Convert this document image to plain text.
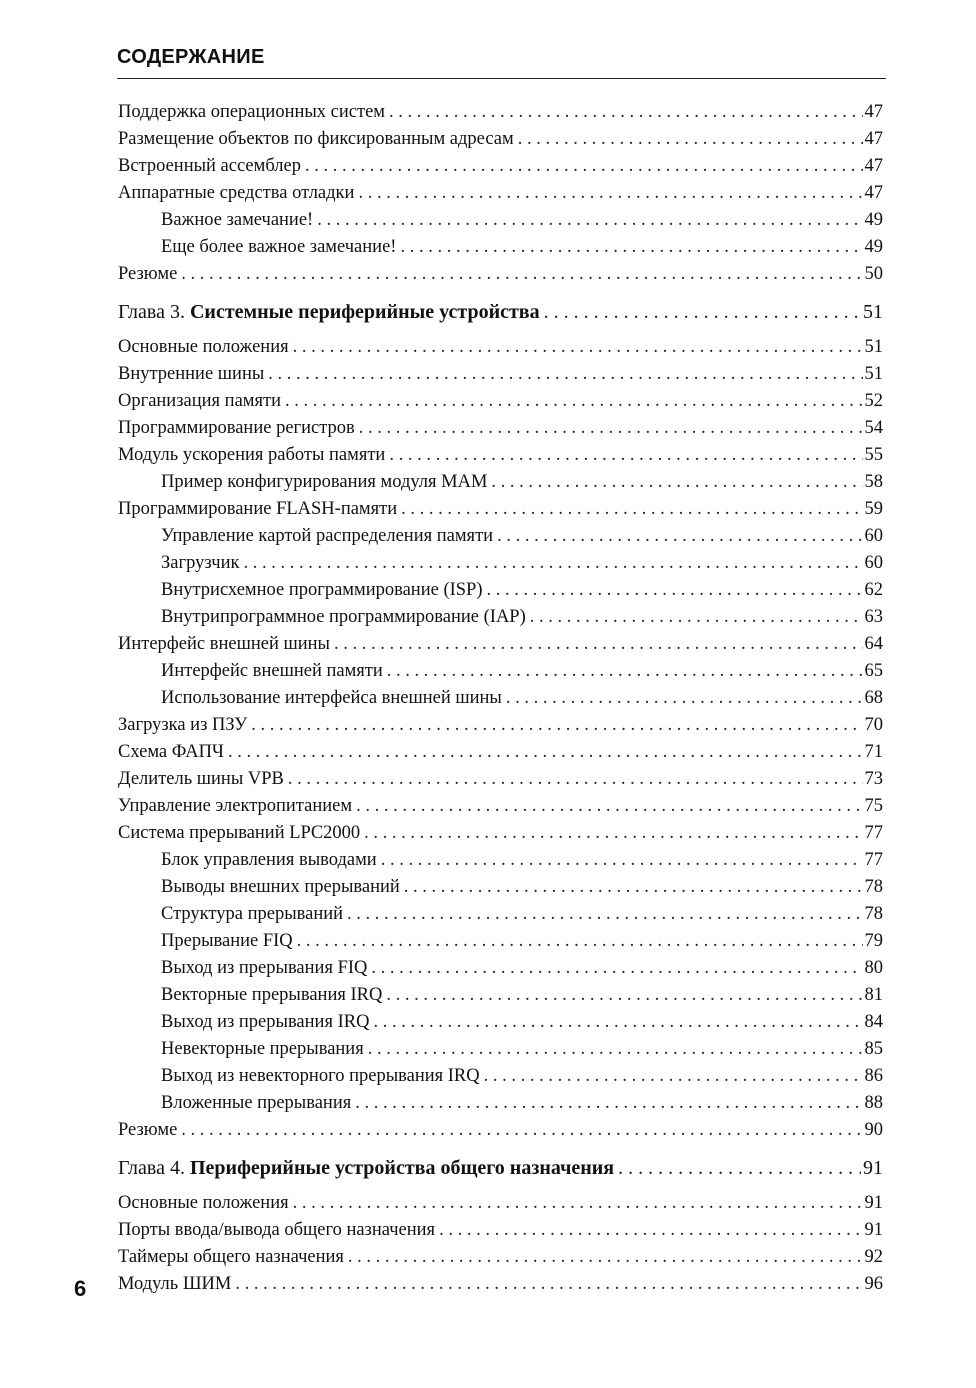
СОДЕРЖАНИЕ
Поддержка операционных систем . . .	47
Размещение объектов по фиксированным адресам . . .	47
Встроенный ассемблер . . .	47
Аппаратные средства отладки . . .	47
Важное замечание! . . .	49
Еще более важное замечание! . . .	49
Резюме . . .	50
Глава 3. Системные периферийные устройства . . .	51
Основные положения . . .	51
Внутренние шины . . .	51
Организация памяти . . .	52
Программирование регистров . . .	54
Модуль ускорения работы памяти . . .	55
Пример конфигурирования модуля MAM . . .	58
Программирование FLASH-памяти . . .	59
Управление картой распределения памяти . . .	60
Загрузчик . . .	60
Внутрисхемное программирование (ISP) . . .	62
Внутрипрограммное программирование (IAP) . . .	63
Интерфейс внешней шины . . .	64
Интерфейс внешней памяти . . .	65
Использование интерфейса внешней шины . . .	68
Загрузка из ПЗУ . . .	70
Схема ФАПЧ . . .	71
Делитель шины VPB . . .	73
Управление электропитанием . . .	75
Система прерываний LPC2000 . . .	77
Блок управления выводами . . .	77
Выводы внешних прерываний . . .	78
Структура прерываний . . .	78
Прерывание FIQ . . .	79
Выход из прерывания FIQ . . .	80
Векторные прерывания IRQ . . .	81
Выход из прерывания IRQ . . .	84
Невекторные прерывания . . .	85
Выход из невекторного прерывания IRQ . . .	86
Вложенные прерывания . . .	88
Резюме . . .	90
Глава 4. Периферийные устройства общего назначения . . .	91
Основные положения . . .	91
Порты ввода/вывода общего назначения . . .	91
Таймеры общего назначения . . .	92
Модуль ШИМ . . .	96
6
